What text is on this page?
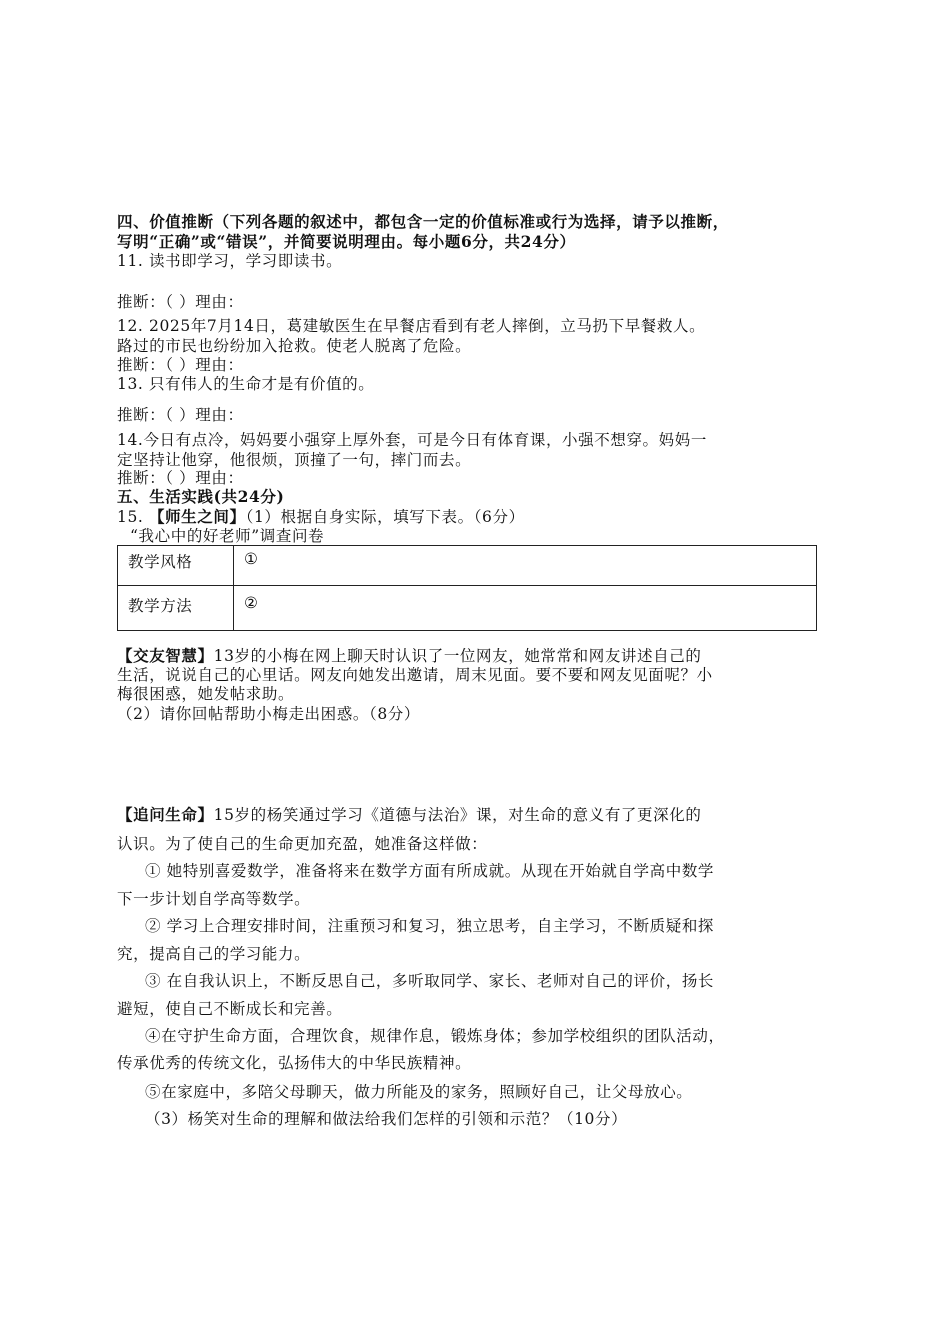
四、价值推断（下列各题的叙述中，都包含一定的价值标准或行为选择，请予以推断，
写明“正确”或“错误”，并简要说明理由。每小题6分，共24分）
11. 读书即学习，学习即读书。
推断：（ ）理由：
12. 2025年7月14日，葛建敏医生在早餐店看到有老人摔倒，立马扔下早餐救人。
路过的市民也纷纷加入抢救。使老人脱离了危险。
推断：（ ）理由：
13. 只有伟人的生命才是有价值的。
推断：（ ）理由：
14.今日有点冷，妈妈要小强穿上厚外套，可是今日有体育课，小强不想穿。妈妈一
定坚持让他穿，他很烦，顶撞了一句，摔门而去。
推断：（ ）理由：
五、生活实践(共24分)
15. 【师生之间】（1）根据自身实际，填写下表。（6分）
“我心中的好老师”调查问卷
教学风格	①
教学方法	②
【交友智慧】13岁的小梅在网上聊天时认识了一位网友，她常常和网友讲述自己的
生活，说说自己的心里话。网友向她发出邀请，周末见面。要不要和网友见面呢？小
梅很困惑，她发帖求助。
（2）请你回帖帮助小梅走出困惑。（8分）
【追问生命】15岁的杨笑通过学习《道德与法治》课，对生命的意义有了更深化的
认识。为了使自己的生命更加充盈，她准备这样做：
① 她特别喜爱数学，准备将来在数学方面有所成就。从现在开始就自学高中数学
下一步计划自学高等数学。
② 学习上合理安排时间，注重预习和复习，独立思考，自主学习，不断质疑和探
究，提高自己的学习能力。
③ 在自我认识上，不断反思自己，多听取同学、家长、老师对自己的评价，扬长
避短，使自己不断成长和完善。
④在守护生命方面，合理饮食，规律作息，锻炼身体；参加学校组织的团队活动，
传承优秀的传统文化，弘扬伟大的中华民族精神。
⑤在家庭中，多陪父母聊天，做力所能及的家务，照顾好自己，让父母放心。
（3）杨笑对生命的理解和做法给我们怎样的引领和示范？（10分）
